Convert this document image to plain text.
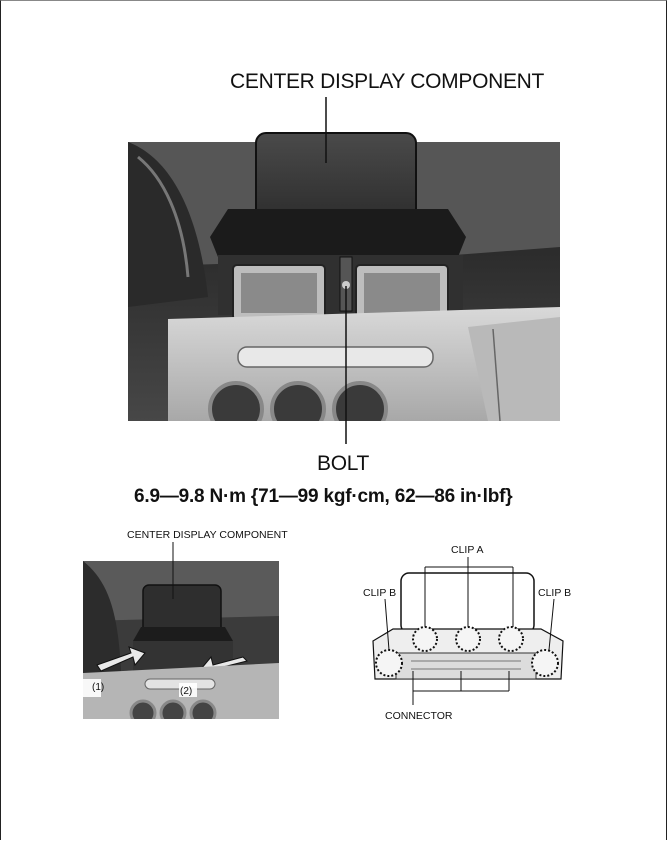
CENTER DISPLAY COMPONENT
BOLT
6.9—9.8 N·m {71—99 kgf·cm, 62—86 in·lbf}
CENTER DISPLAY COMPONENT
(1)	(2)
CLIP A
CLIP B	CLIP B
CONNECTOR
